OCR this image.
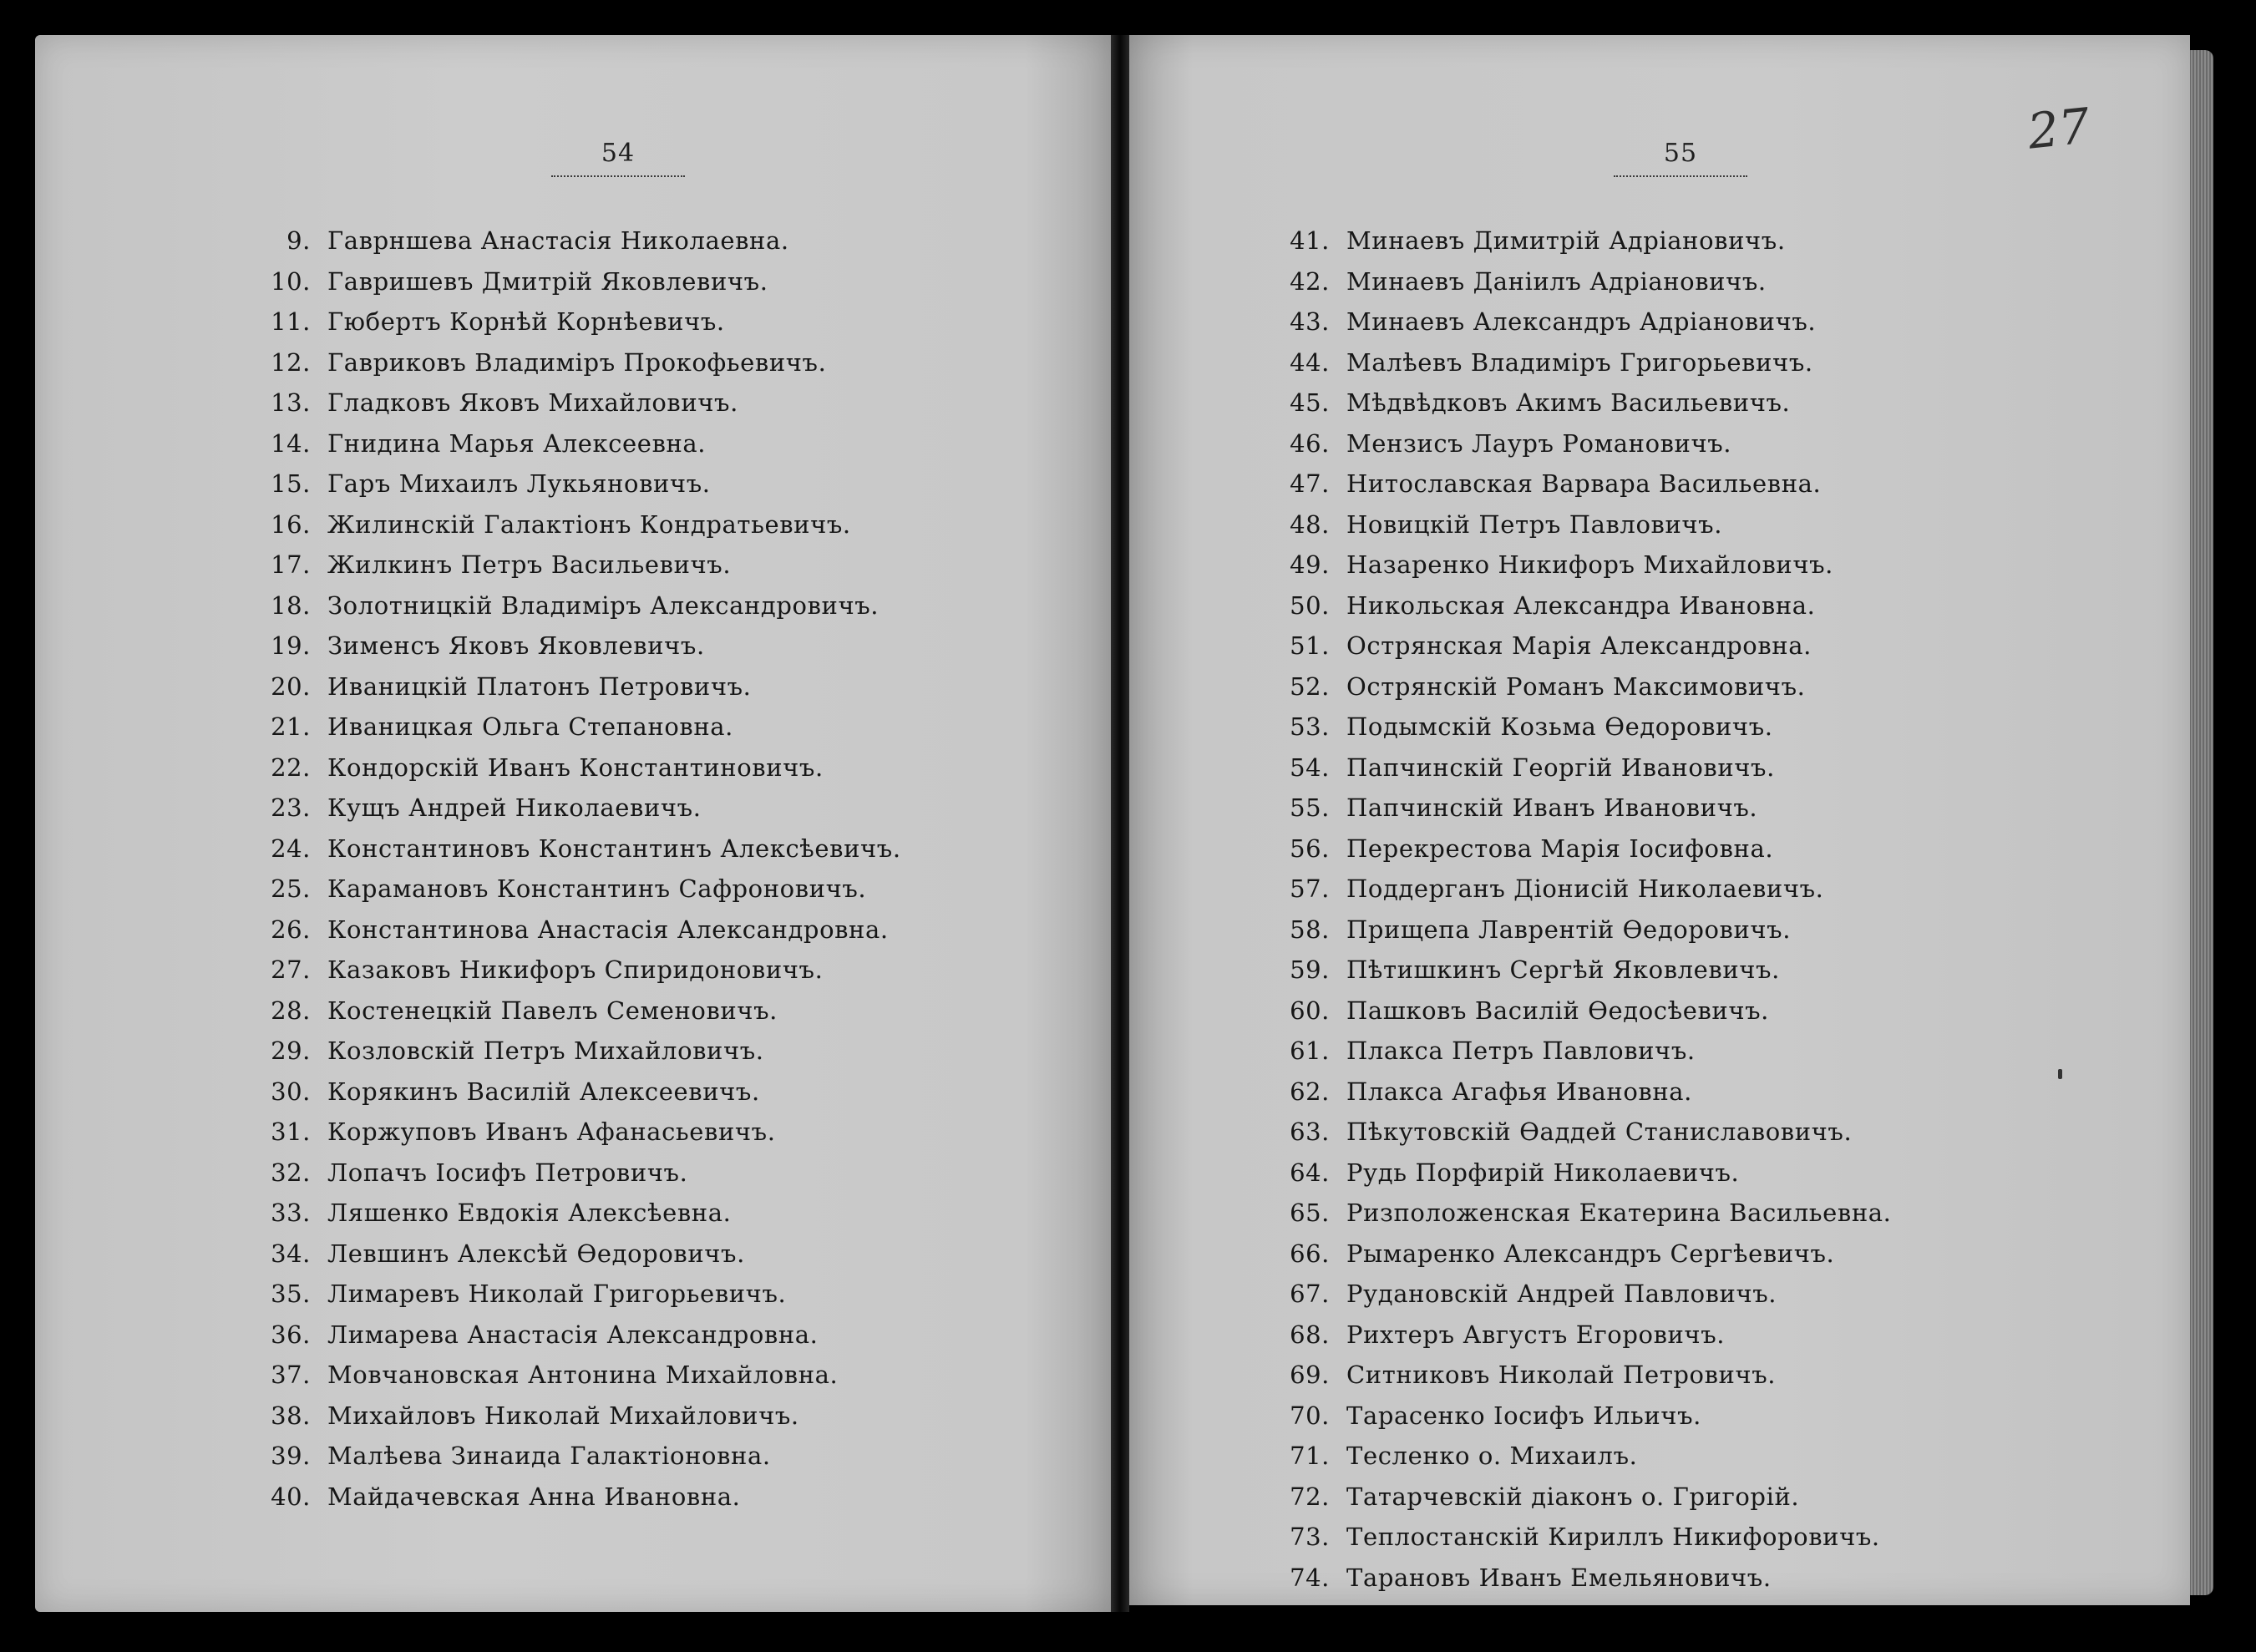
54
9. Гаврншева Анастасія Николаевна.
10. Гавришевъ Дмитрій Яковлевичъ.
11. Гюбертъ Корнѣй Корнѣевичъ.
12. Гавриковъ Владиміръ Прокофьевичъ.
13. Гладковъ Яковъ Михайловичъ.
14. Гнидина Марья Алексеевна.
15. Гаръ Михаилъ Лукьяновичъ.
16. Жилинскій Галактіонъ Кондратьевичъ.
17. Жилкинъ Петръ Васильевичъ.
18. Золотницкій Владиміръ Александровичъ.
19. Зименсъ Яковъ Яковлевичъ.
20. Иваницкій Платонъ Петровичъ.
21. Иваницкая Ольга Степановна.
22. Кондорскій Иванъ Константиновичъ.
23. Кущъ Андрей Николаевичъ.
24. Константиновъ Константинъ Алексѣевичъ.
25. Карамановъ Константинъ Сафроновичъ.
26. Константинова Анастасія Александровна.
27. Казаковъ Никифоръ Спиридоновичъ.
28. Костенецкій Павелъ Семеновичъ.
29. Козловскій Петръ Михайловичъ.
30. Корякинъ Василій Алексеевичъ.
31. Коржуповъ Иванъ Афанасьевичъ.
32. Лопачъ Іосифъ Петровичъ.
33. Ляшенко Евдокія Алексѣевна.
34. Левшинъ Алексѣй Ѳедоровичъ.
35. Лимаревъ Николай Григорьевичъ.
36. Лимарева Анастасія Александровна.
37. Мовчановская Антонина Михайловна.
38. Михайловъ Николай Михайловичъ.
39. Малѣева Зинаида Галактіоновна.
40. Майдачевская Анна Ивановна.
55
41. Минаевъ Димитрій Адріановичъ.
42. Минаевъ Даніилъ Адріановичъ.
43. Минаевъ Александръ Адріановичъ.
44. Малѣевъ Владиміръ Григорьевичъ.
45. Мѣдвѣдковъ Акимъ Васильевичъ.
46. Мензисъ Лауръ Романовичъ.
47. Нитославская Варвара Васильевна.
48. Новицкій Петръ Павловичъ.
49. Назаренко Никифоръ Михайловичъ.
50. Никольская Александра Ивановна.
51. Острянская Марія Александровна.
52. Острянскій Романъ Максимовичъ.
53. Подымскій Козьма Ѳедоровичъ.
54. Папчинскій Георгій Ивановичъ.
55. Папчинскій Иванъ Ивановичъ.
56. Перекрестова Марія Іосифовна.
57. Поддерганъ Діонисій Николаевичъ.
58. Прищепа Лаврентій Ѳедоровичъ.
59. Пѣтишкинъ Сергѣй Яковлевичъ.
60. Пашковъ Василій Ѳедосѣевичъ.
61. Плакса Петръ Павловичъ.
62. Плакса Агафья Ивановна.
63. Пѣкутовскій Ѳаддей Станиславовичъ.
64. Рудь Порфирій Николаевичъ.
65. Ризположенская Екатерина Васильевна.
66. Рымаренко Александръ Сергѣевичъ.
67. Рудановскій Андрей Павловичъ.
68. Рихтеръ Августъ Егоровичъ.
69. Ситниковъ Николай Петровичъ.
70. Тарасенко Іосифъ Ильичъ.
71. Тесленко о. Михаилъ.
72. Татарчевскій діаконъ о. Григорій.
73. Теплостанскій Кириллъ Никифоровичъ.
74. Тарановъ Иванъ Емельяновичъ.
27
